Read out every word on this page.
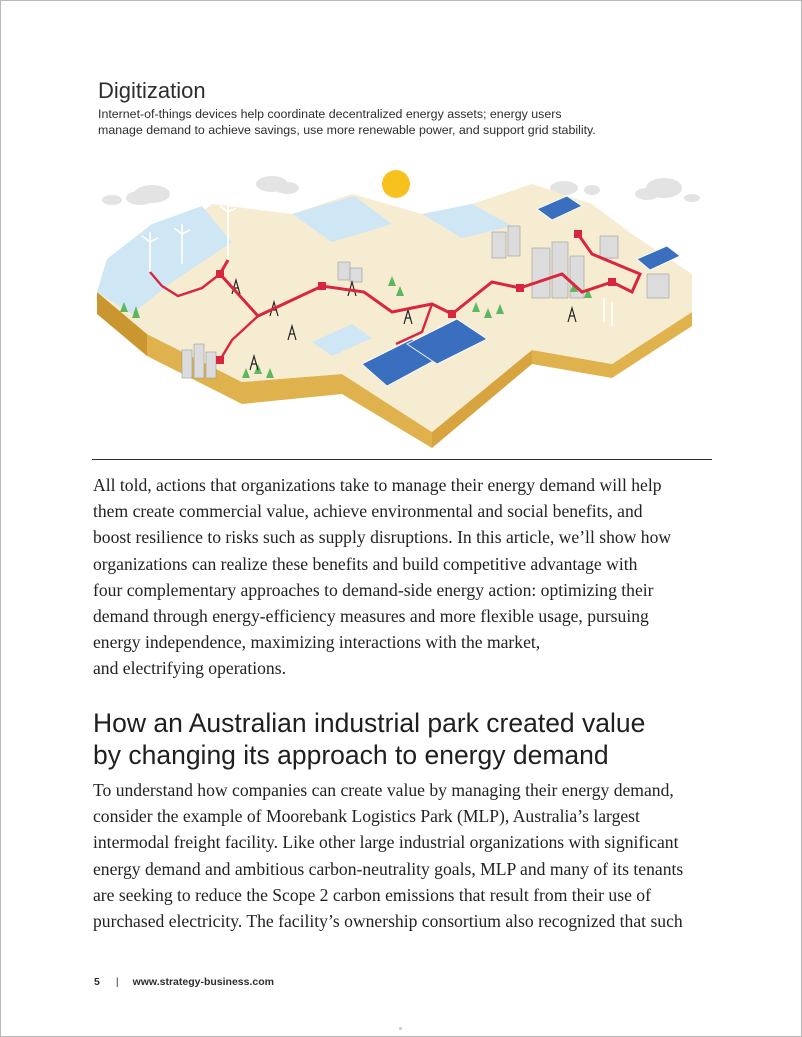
Digitization

Internet-of-things devices help coordinate decentralized energy assets; energy users
manage demand to achieve savings, use more renewable power, and support grid stability.

All told, actions that organizations take to manage their energy demand will help
them create commercial value, achieve environmental and social benefits, and
boost resilience to risks such as supply disruptions. In this article, we’ll show how
organizations can realize these benefits and build competitive advantage with
four complementary approaches to demand-side energy action: optimizing their
demand through energy-efficiency measures and more flexible usage, pursuing
energy independence, maximizing interactions with the market,
and electrifying operations.

How an Australian industrial park created value
by changing its approach to energy demand

To understand how companies can create value by managing their energy demand,
consider the example of Moorebank Logistics Park (MLP), Australia’s largest
intermodal freight facility. Like other large industrial organizations with significant
energy demand and ambitious carbon-neutrality goals, MLP and many of its tenants
are seeking to reduce the Scope 2 carbon emissions that result from their use of
purchased electricity. The facility’s ownership consortium also recognized that such

5 | www.strategy-business.com
